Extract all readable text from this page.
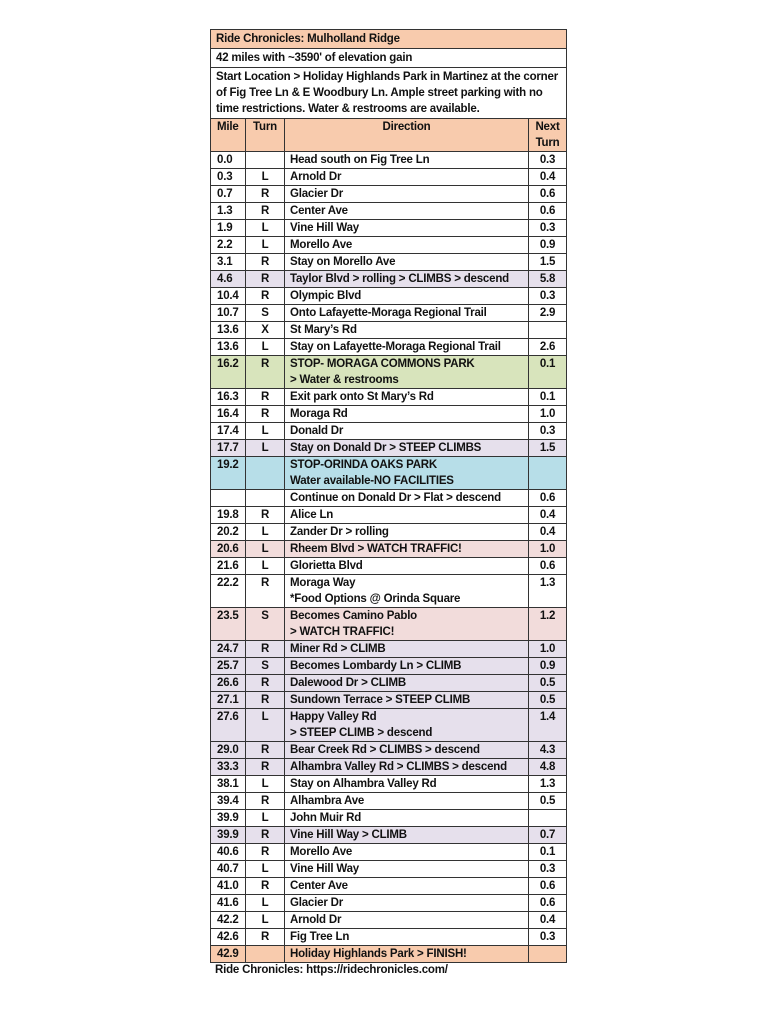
Ride Chronicles: Mulholland Ridge			
42 miles with ~3590' of elevation gain			
Start Location > Holiday Highlands Park in Martinez at the corner of Fig Tree Ln & E Woodbury Ln. Ample street parking with no time restrictions. Water & restrooms are available.			
Mile	Turn	Direction	Next Turn
0.0		Head south on Fig Tree Ln	0.3
0.3	L	Arnold Dr	0.4
0.7	R	Glacier Dr	0.6
1.3	R	Center Ave	0.6
1.9	L	Vine Hill Way	0.3
2.2	L	Morello Ave	0.9
3.1	R	Stay on Morello Ave	1.5
4.6	R	Taylor Blvd > rolling > CLIMBS > descend	5.8
10.4	R	Olympic Blvd	0.3
10.7	S	Onto Lafayette-Moraga Regional Trail	2.9
13.6	X	St Mary’s Rd	

13.6	L	Stay on Lafayette-Moraga Regional Trail	2.6
16.2	R	STOP- MORAGA COMMONS PARK
> Water & restrooms	0.1
16.3	R	Exit park onto St Mary’s Rd	0.1
16.4	R	Moraga Rd	1.0
17.4	L	Donald Dr	0.3
17.7	L	Stay on Donald Dr > STEEP CLIMBS	1.5
19.2		STOP-ORINDA OAKS PARK
Water available-NO FACILITIES	

		Continue on Donald Dr > Flat > descend	0.6
19.8	R	Alice Ln	0.4
20.2	L	Zander Dr > rolling	0.4
20.6	L	Rheem Blvd > WATCH TRAFFIC!	1.0
21.6	L	Glorietta Blvd	0.6
22.2	R	Moraga Way
*Food Options @ Orinda Square	1.3
23.5	S	Becomes Camino Pablo
> WATCH TRAFFIC!	1.2
24.7	R	Miner Rd > CLIMB	1.0
25.7	S	Becomes Lombardy Ln > CLIMB	0.9
26.6	R	Dalewood Dr > CLIMB	0.5
27.1	R	Sundown Terrace > STEEP CLIMB	0.5
27.6	L	Happy Valley Rd
> STEEP CLIMB > descend	1.4
29.0	R	Bear Creek Rd > CLIMBS > descend	4.3
33.3	R	Alhambra Valley Rd > CLIMBS > descend	4.8
38.1	L	Stay on Alhambra Valley Rd	1.3
39.4	R	Alhambra Ave	0.5
39.9	L	John Muir Rd	

39.9	R	Vine Hill Way > CLIMB	0.7
40.6	R	Morello Ave	0.1
40.7	L	Vine Hill Way	0.3
41.0	R	Center Ave	0.6
41.6	L	Glacier Dr	0.6
42.2	L	Arnold Dr	0.4
42.6	R	Fig Tree Ln	0.3
42.9		Holiday Highlands Park > FINISH!	

Ride Chronicles: https://ridechronicles.com/
